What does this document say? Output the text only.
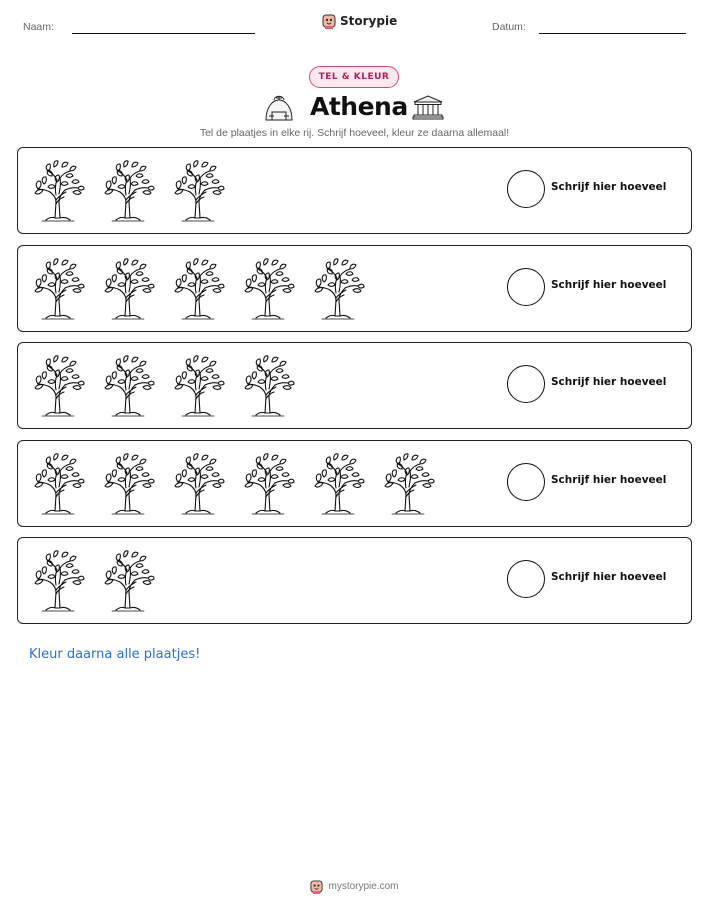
Naam:	Storypie	Datum:
TEL & KLEUR
Athena
Tel de plaatjes in elke rij. Schrijf hoeveel, kleur ze daarna allemaal!
Schrijf hier hoeveel
Schrijf hier hoeveel
Schrijf hier hoeveel
Schrijf hier hoeveel
Schrijf hier hoeveel
Kleur daarna alle plaatjes!
mystorypie.com
